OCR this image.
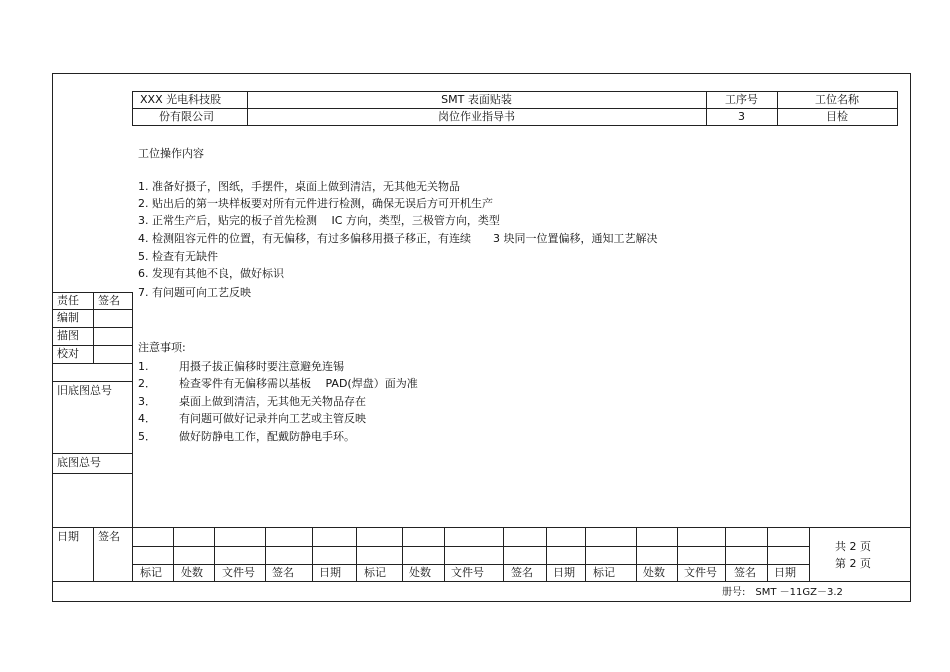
XXX 光电科技股
份有限公司
SMT 表面贴装
岗位作业指导书
工序号
3
工位名称
目检
工位操作内容
1. 准备好摄子，图纸，手摆件，桌面上做到清洁，无其他无关物品
2. 贴出后的第一块样板要对所有元件进行检测，确保无误后方可开机生产
3. 正常生产后，贴完的板子首先检测　 IC 方向，类型，三极管方向，类型
4. 检测阻容元件的位置，有无偏移，有过多偏移用摄子移正，有连续　　3 块同一位置偏移，通知工艺解决
5. 检查有无缺件
6. 发现有其他不良，做好标识
7. 有问题可向工艺反映
注意事项:
1.	用摄子拔正偏移时要注意避免连锡
2． 检查零件有无偏移需以基板　 PAD(焊盘）面为准
3． 桌面上做到清洁，无其他无关物品存在
4． 有问题可做好记录并向工艺或主管反映
5． 做好防静电工作，配戴防静电手环。
责任 签名
编制
描图
校对
旧底图总号
底图总号
日期 签名
标记 处数 文件号 签名 日期 标记 处数 文件号 签名 日期 标记	处数 文件号 签名 日期
共 2 页
第 2 页
册号:　SMT －11GZ－3.2
